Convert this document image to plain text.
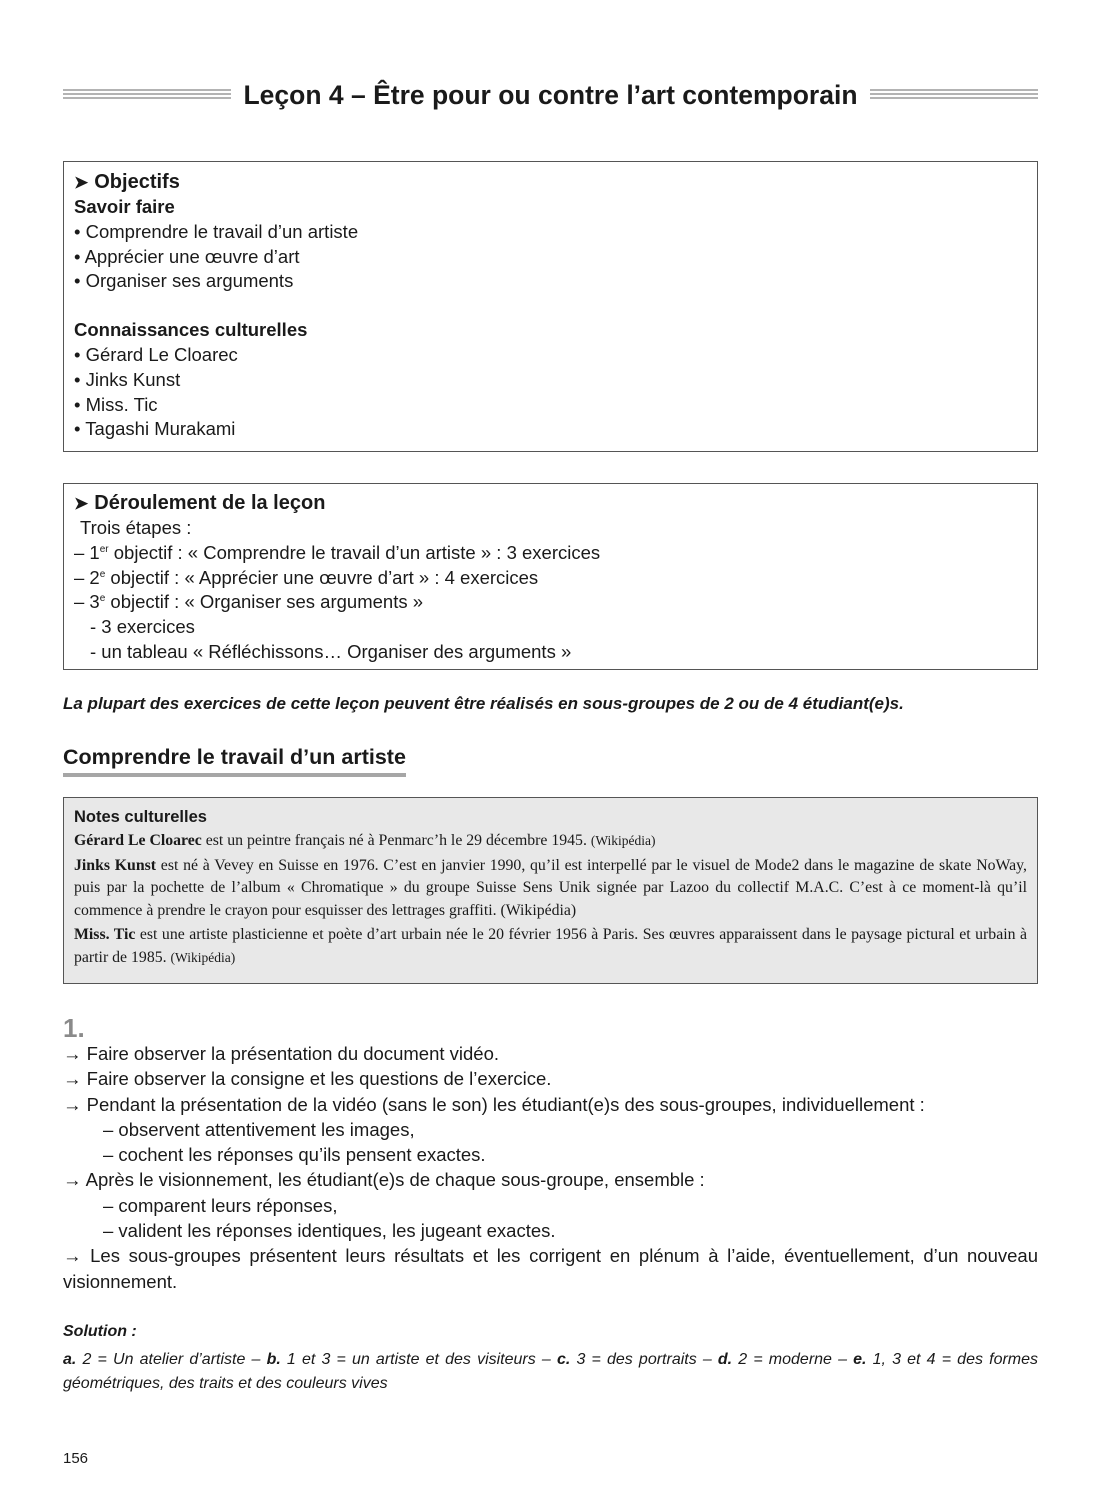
Leçon 4 – Être pour ou contre l’art contemporain
➤ Objectifs
Savoir faire
• Comprendre le travail d’un artiste
• Apprécier une œuvre d’art
• Organiser ses arguments
Connaissances culturelles
• Gérard Le Cloarec
• Jinks Kunst
• Miss. Tic
• Tagashi Murakami
➤ Déroulement de la leçon
Trois étapes :
– 1er objectif : « Comprendre le travail d’un artiste » : 3 exercices
– 2e objectif : « Apprécier une œuvre d’art » : 4 exercices
– 3e objectif : « Organiser ses arguments »
- 3 exercices
- un tableau « Réfléchissons… Organiser des arguments »
La plupart des exercices de cette leçon peuvent être réalisés en sous-groupes de 2 ou de 4 étudiant(e)s.
Comprendre le travail d’un artiste
Notes culturelles

Gérard Le Cloarec est un peintre français né à Penmarc’h le 29 décembre 1945. (Wikipédia)

Jinks Kunst est né à Vevey en Suisse en 1976. C’est en janvier 1990, qu’il est interpellé par le visuel de Mode2 dans le magazine de skate NoWay, puis par la pochette de l’album « Chromatique » du groupe Suisse Sens Unik signée par Lazoo du collectif M.A.C. C’est à ce moment-là qu’il commence à prendre le crayon pour esquisser des lettrages graffiti. (Wikipédia)

Miss. Tic est une artiste plasticienne et poète d’art urbain née le 20 février 1956 à Paris. Ses œuvres apparaissent dans le paysage pictural et urbain à partir de 1985. (Wikipédia)

1.
→ Faire observer la présentation du document vidéo.
→ Faire observer la consigne et les questions de l’exercice.
→ Pendant la présentation de la vidéo (sans le son) les étudiant(e)s des sous-groupes, individuellement :
– observent attentivement les images,
– cochent les réponses qu’ils pensent exactes.
→ Après le visionnement, les étudiant(e)s de chaque sous-groupe, ensemble :
– comparent leurs réponses,
– valident les réponses identiques, les jugeant exactes.
→ Les sous-groupes présentent leurs résultats et les corrigent en plénum à l’aide, éventuellement, d’un nouveau visionnement.
Solution :
a. 2 = Un atelier d’artiste – b. 1 et 3 = un artiste et des visiteurs – c. 3 = des portraits – d. 2 = moderne – e. 1, 3 et 4 = des formes géométriques, des traits et des couleurs vives
156
